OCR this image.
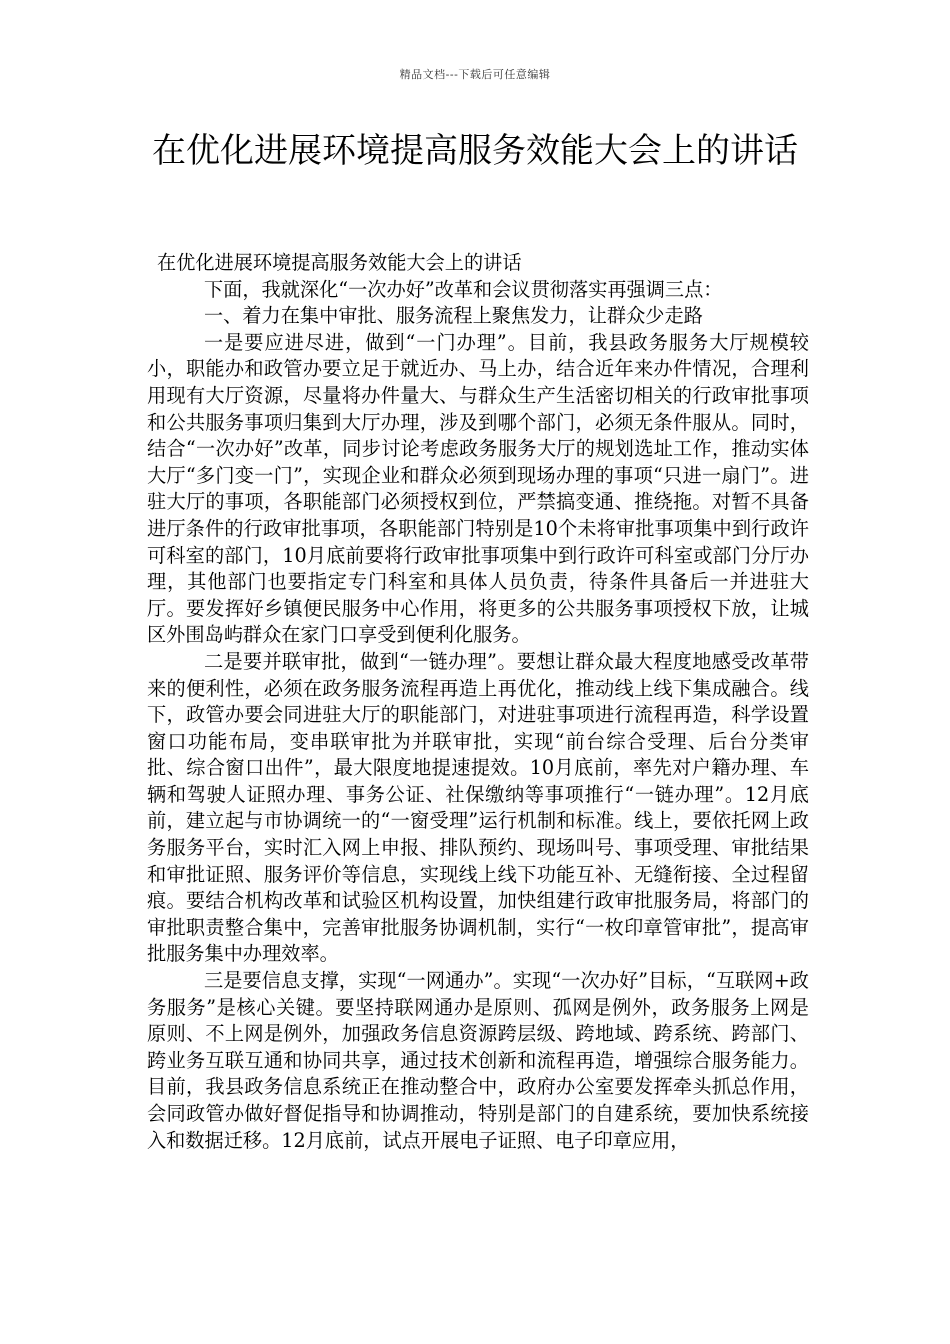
精品文档---下载后可任意编辑
在优化进展环境提高服务效能大会上的讲话

在优化进展环境提高服务效能大会上的讲话

下面，我就深化“一次办好”改革和会议贯彻落实再强调三点：

一、着力在集中审批、服务流程上聚焦发力，让群众少走路

一是要应进尽进，做到“一门办理”。目前，我县政务服务大厅规模较小，职能办和政管办要立足于就近办、马上办，结合近年来办件情况，合理利用现有大厅资源，尽量将办件量大、与群众生产生活密切相关的行政审批事项和公共服务事项归集到大厅办理，涉及到哪个部门，必须无条件服从。同时，结合“一次办好”改革，同步讨论考虑政务服务大厅的规划选址工作，推动实体大厅“多门变一门”，实现企业和群众必须到现场办理的事项“只进一扇门”。进驻大厅的事项，各职能部门必须授权到位，严禁搞变通、推绕拖。对暂不具备进厅条件的行政审批事项，各职能部门特别是10个未将审批事项集中到行政许可科室的部门，10月底前要将行政审批事项集中到行政许可科室或部门分厅办理，其他部门也要指定专门科室和具体人员负责，待条件具备后一并进驻大厅。要发挥好乡镇便民服务中心作用，将更多的公共服务事项授权下放，让城区外围岛屿群众在家门口享受到便利化服务。

二是要并联审批，做到“一链办理”。要想让群众最大程度地感受改革带来的便利性，必须在政务服务流程再造上再优化，推动线上线下集成融合。线下，政管办要会同进驻大厅的职能部门，对进驻事项进行流程再造，科学设置窗口功能布局，变串联审批为并联审批，实现“前台综合受理、后台分类审批、综合窗口出件”，最大限度地提速提效。10月底前，率先对户籍办理、车辆和驾驶人证照办理、事务公证、社保缴纳等事项推行“一链办理”。12月底前，建立起与市协调统一的“一窗受理”运行机制和标准。线上，要依托网上政务服务平台，实时汇入网上申报、排队预约、现场叫号、事项受理、审批结果和审批证照、服务评价等信息，实现线上线下功能互补、无缝衔接、全过程留痕。要结合机构改革和试验区机构设置，加快组建行政审批服务局，将部门的审批职责整合集中，完善审批服务协调机制，实行“一枚印章管审批”，提高审批服务集中办理效率。

三是要信息支撑，实现“一网通办”。实现“一次办好”目标，“互联网+政务服务”是核心关键。要坚持联网通办是原则、孤网是例外，政务服务上网是原则、不上网是例外，加强政务信息资源跨层级、跨地域、跨系统、跨部门、跨业务互联互通和协同共享，通过技术创新和流程再造，增强综合服务能力。目前，我县政务信息系统正在推动整合中，政府办公室要发挥牵头抓总作用，会同政管办做好督促指导和协调推动，特别是部门的自建系统，要加快系统接入和数据迁移。12月底前，试点开展电子证照、电子印章应用，
